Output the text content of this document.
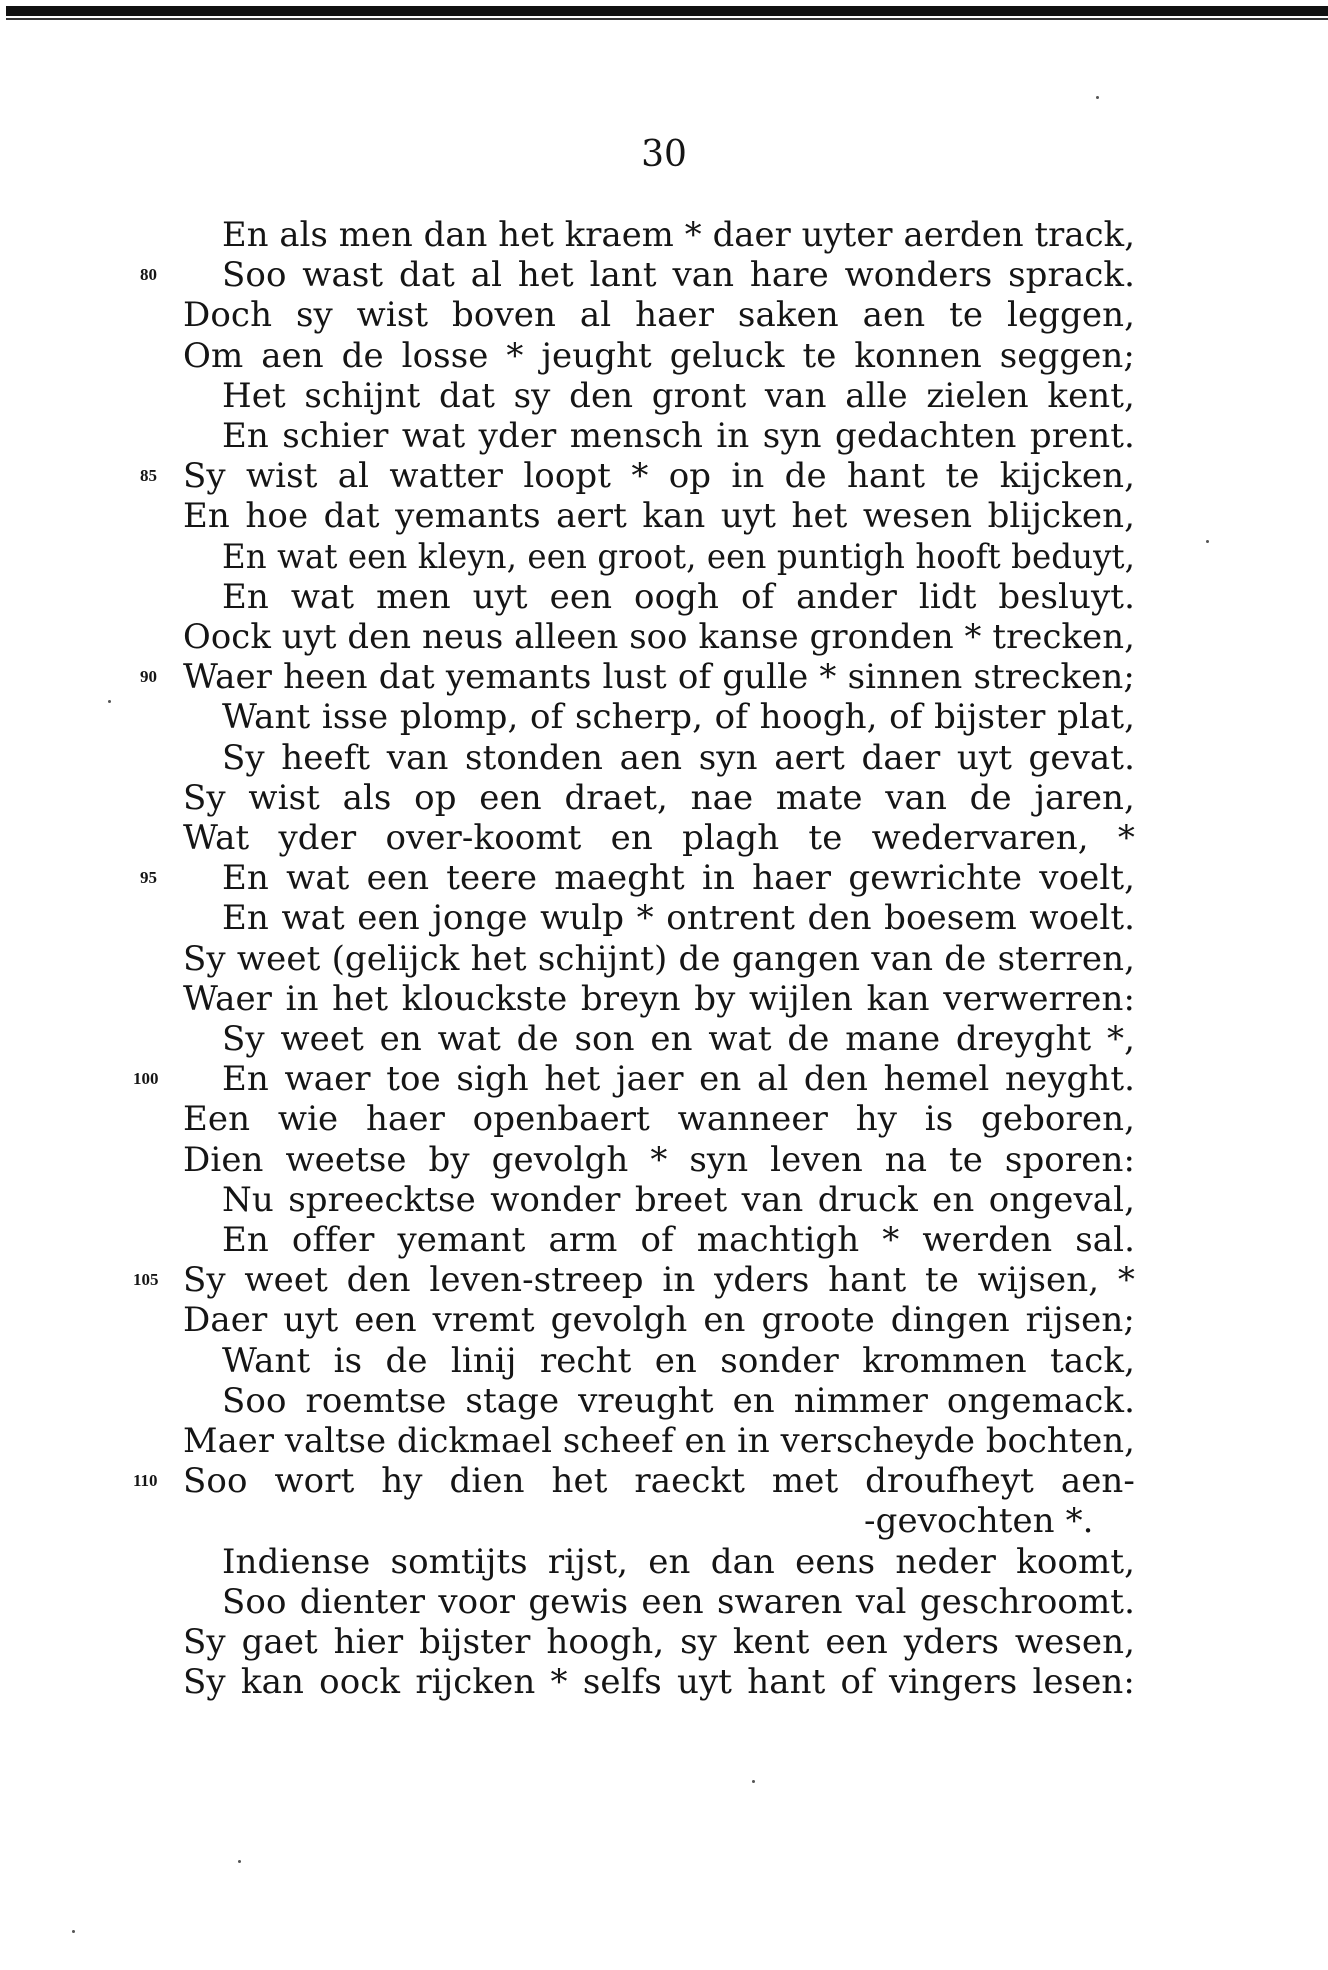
30
En als men dan het kraem * daer uyter aerden track,
80 Soo wast dat al het lant van hare wonders sprack.
Doch sy wist boven al haer saken aen te leggen,
Om aen de losse * jeught geluck te konnen seggen;
Het schijnt dat sy den gront van alle zielen kent,
En schier wat yder mensch in syn gedachten prent.
85 Sy wist al watter loopt * op in de hant te kijcken,
En hoe dat yemants aert kan uyt het wesen blijcken,
En wat een kleyn, een groot, een puntigh hooft beduyt,
En wat men uyt een oogh of ander lidt besluyt.
Oock uyt den neus alleen soo kanse gronden * trecken,
90 Waer heen dat yemants lust of gulle * sinnen strecken;
Want isse plomp, of scherp, of hoogh, of bijster plat,
Sy heeft van stonden aen syn aert daer uyt gevat.
Sy wist als op een draet, nae mate van de jaren,
Wat yder over-koomt en plagh te wedervaren, *
95 En wat een teere maeght in haer gewrichte voelt,
En wat een jonge wulp * ontrent den boesem woelt.
Sy weet (gelijck het schijnt) de gangen van de sterren,
Waer in het klouckste breyn by wijlen kan verwerren:
Sy weet en wat de son en wat de mane dreyght *,
100 En waer toe sigh het jaer en al den hemel neyght.
Een wie haer openbaert wanneer hy is geboren,
Dien weetse by gevolgh * syn leven na te sporen:
Nu spreecktse wonder breet van druck en ongeval,
En offer yemant arm of machtigh * werden sal.
105 Sy weet den leven-streep in yders hant te wijsen, *
Daer uyt een vremt gevolgh en groote dingen rijsen;
Want is de linij recht en sonder krommen tack,
Soo roemtse stage vreught en nimmer ongemack.
Maer valtse dickmael scheef en in verscheyde bochten,
110 Soo wort hy dien het raeckt met droufheyt aen-
-gevochten *.
Indiense somtijts rijst, en dan eens neder koomt,
Soo dienter voor gewis een swaren val geschroomt.
Sy gaet hier bijster hoogh, sy kent een yders wesen,
Sy kan oock rijcken * selfs uyt hant of vingers lesen:
